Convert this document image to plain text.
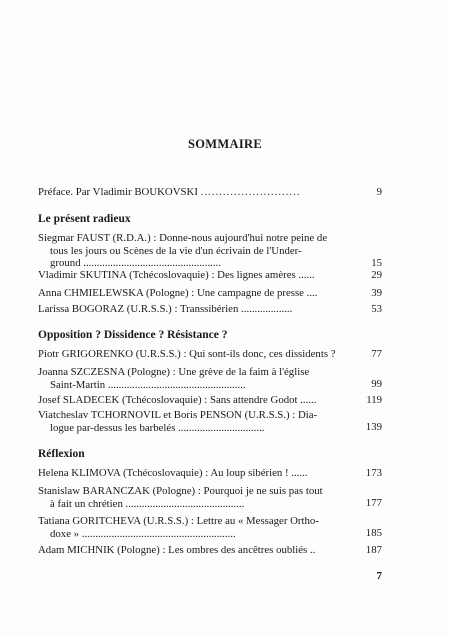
SOMMAIRE
Préface. Par Vladimir BOUKOVSKI ...........................	9
Le présent radieux
Siegmar FAUST (R.D.A.) : Donne-nous aujourd'hui notre peine de
tous les jours ou Scènes de la vie d'un écrivain de l'Under-
ground ...................................................	15
Vladimir SKUTINA (Tchécoslovaquie) : Des lignes amères ......	29
Anna CHMIELEWSKA (Pologne) : Une campagne de presse ....	39
Larissa BOGORAZ (U.R.S.S.) : Transsibérien ...................	53
Opposition ? Dissidence ? Résistance ?
Piotr GRIGORENKO (U.R.S.S.) : Qui sont-ils donc, ces dissidents ?	77
Joanna SZCZESNA (Pologne) : Une grève de la faim à l'église
Saint-Martin ...................................................	99
Josef SLADECEK (Tchécoslovaquie) : Sans attendre Godot ......	119
Viatcheslav TCHORNOVIL et Boris PENSON (U.R.S.S.) : Dia-
logue par-dessus les barbelés ................................	139
Réflexion
Helena KLIMOVA (Tchécoslovaquie) : Au loup sibérien ! ......	173
Stanislaw BARANCZAK (Pologne) : Pourquoi je ne suis pas tout
à fait un chrétien ............................................	177
Tatiana GORITCHEVA (U.R.S.S.) : Lettre au « Messager Ortho-
doxe » .........................................................	185
Adam MICHNIK (Pologne) : Les ombres des ancêtres oubliés ..	187
7
